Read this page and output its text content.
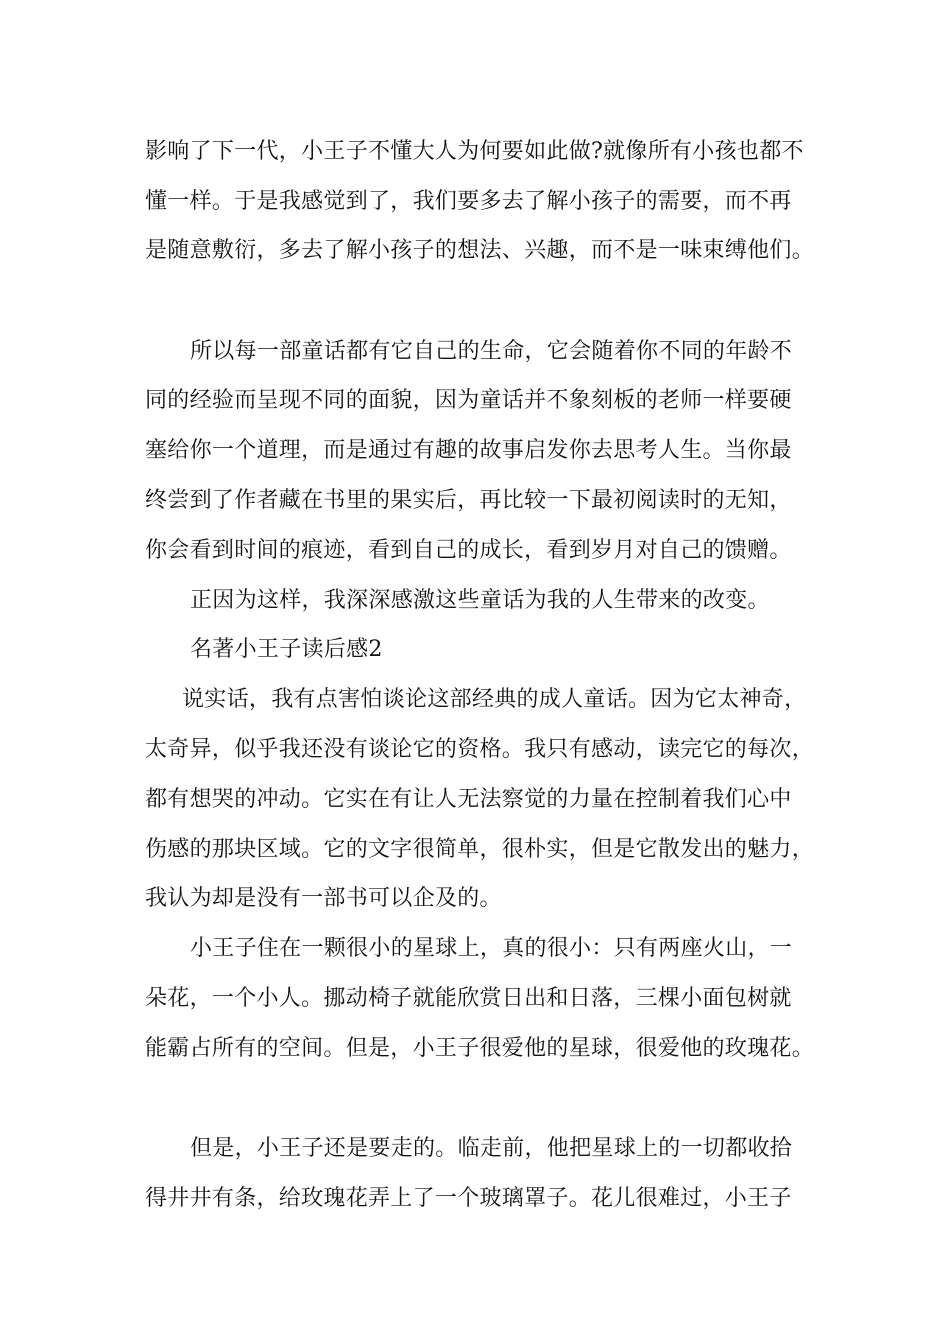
影响了下一代，小王子不懂大人为何要如此做?就像所有小孩也都不
懂一样。于是我感觉到了，我们要多去了解小孩子的需要，而不再
是随意敷衍，多去了解小孩子的想法、兴趣，而不是一味束缚他们。
所以每一部童话都有它自己的生命，它会随着你不同的年龄不
同的经验而呈现不同的面貌，因为童话并不象刻板的老师一样要硬
塞给你一个道理，而是通过有趣的故事启发你去思考人生。当你最
终尝到了作者藏在书里的果实后，再比较一下最初阅读时的无知，
你会看到时间的痕迹，看到自己的成长，看到岁月对自己的馈赠。
正因为这样，我深深感激这些童话为我的人生带来的改变。
名著小王子读后感2
说实话，我有点害怕谈论这部经典的成人童话。因为它太神奇，
太奇异，似乎我还没有谈论它的资格。我只有感动，读完它的每次，
都有想哭的冲动。它实在有让人无法察觉的力量在控制着我们心中
伤感的那块区域。它的文字很简单，很朴实，但是它散发出的魅力，
我认为却是没有一部书可以企及的。
小王子住在一颗很小的星球上，真的很小：只有两座火山，一
朵花，一个小人。挪动椅子就能欣赏日出和日落，三棵小面包树就
能霸占所有的空间。但是，小王子很爱他的星球，很爱他的玫瑰花。
但是，小王子还是要走的。临走前，他把星球上的一切都收拾
得井井有条，给玫瑰花弄上了一个玻璃罩子。花儿很难过，小王子
